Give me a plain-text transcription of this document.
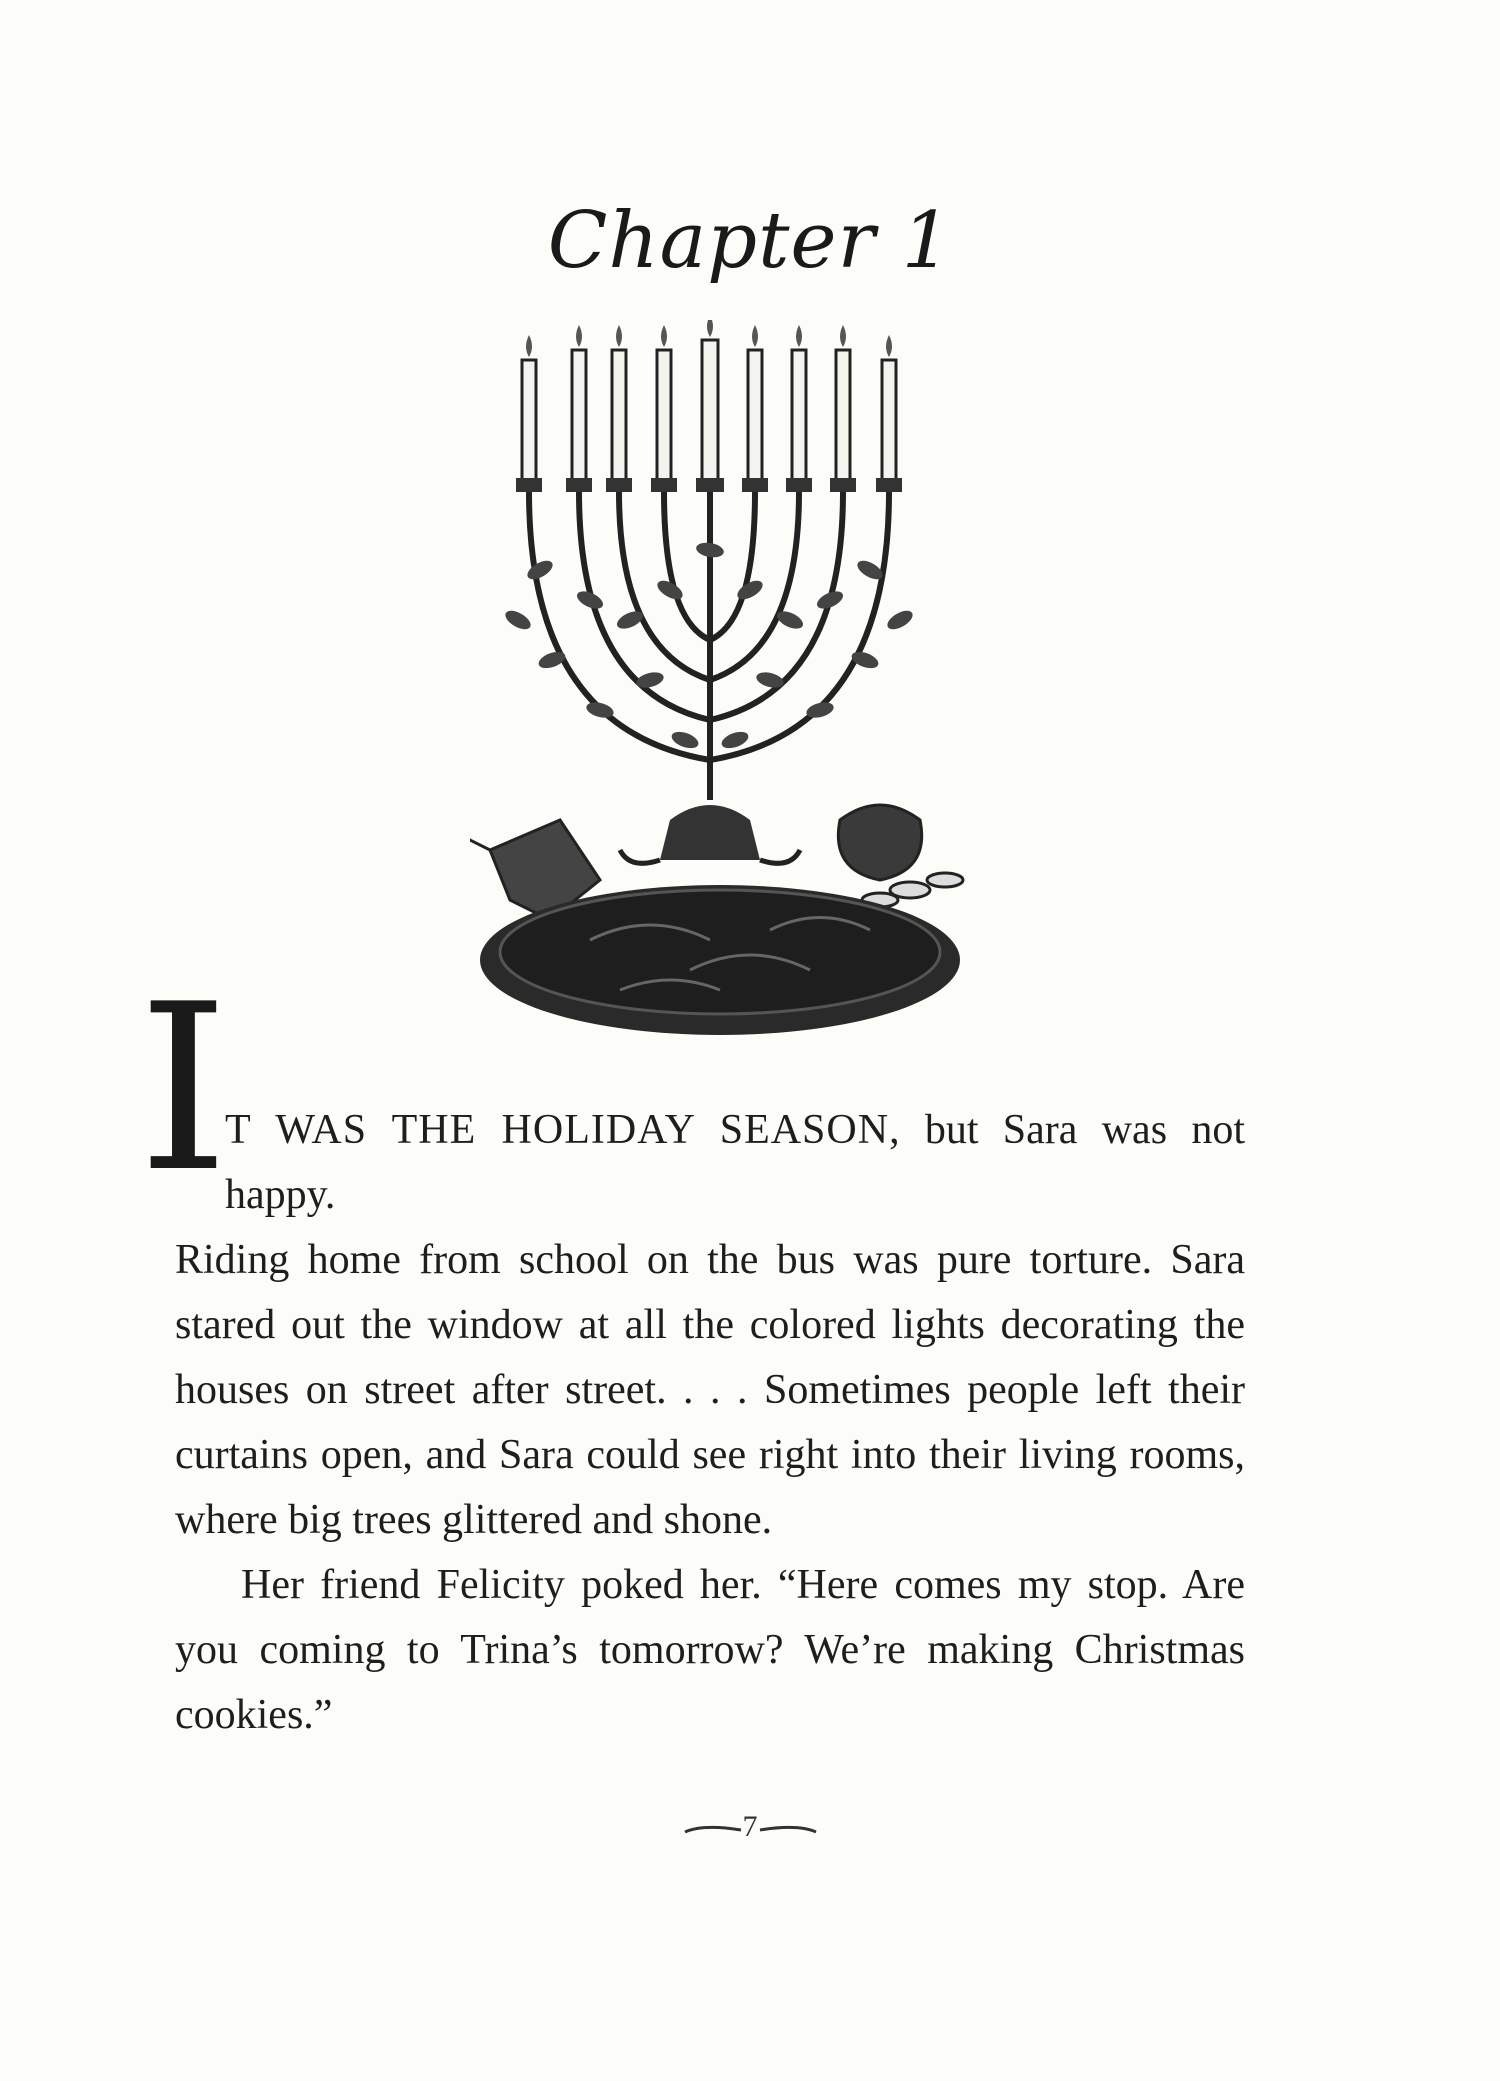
Chapter 1
I

T WAS THE HOLIDAY SEASON, but Sara was not happy.
Riding home from school on the bus was pure torture. Sara stared out the window at all the colored lights decorating the houses on street after street. . . . Sometimes people left their curtains open, and Sara could see right into their living rooms, where big trees glittered and shone.

Her friend Felicity poked her. “Here comes my stop. Are you coming to Trina’s tomorrow? We’re making Christmas cookies.”

7
